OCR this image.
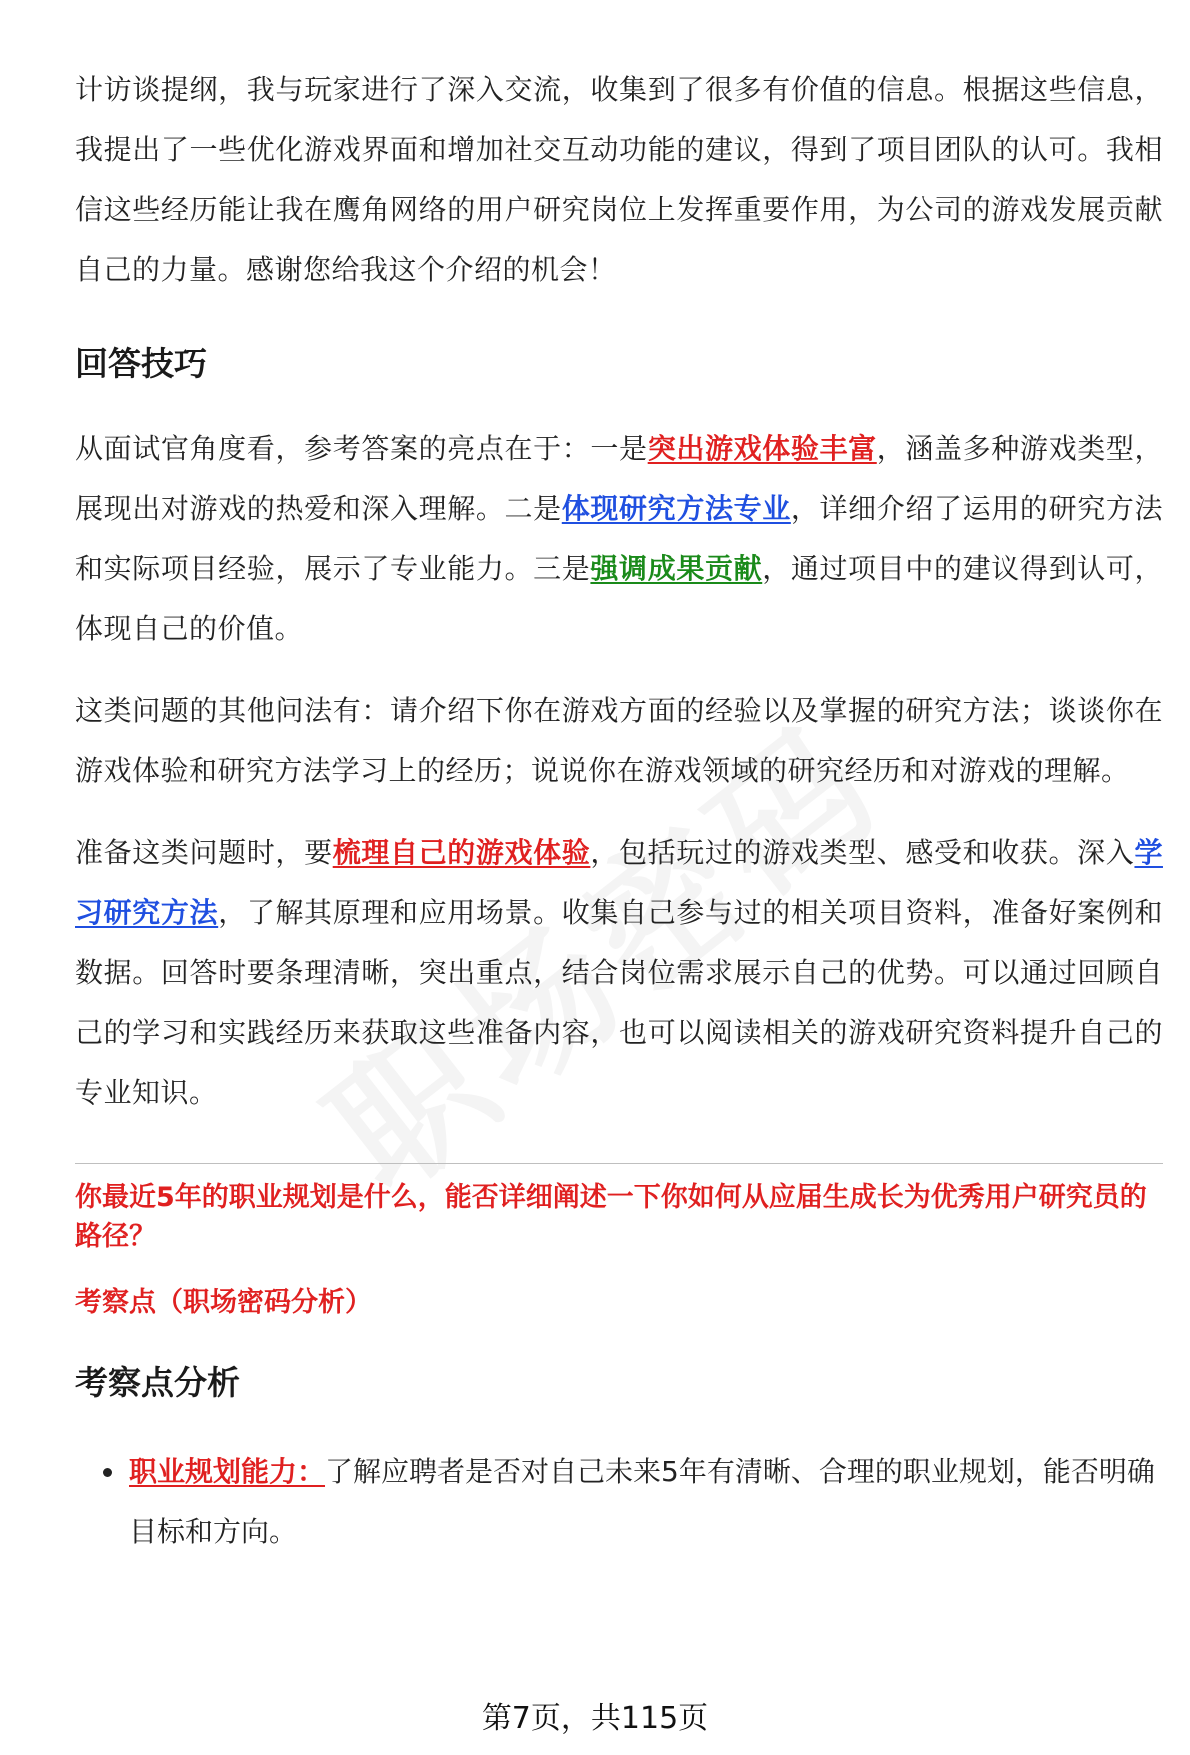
计访谈提纲，我与玩家进行了深入交流，收集到了很多有价值的信息。根据这些信息，我提出了一些优化游戏界面和增加社交互动功能的建议，得到了项目团队的认可。我相信这些经历能让我在鹰角网络的用户研究岗位上发挥重要作用，为公司的游戏发展贡献自己的力量。感谢您给我这个介绍的机会！

回答技巧

从面试官角度看，参考答案的亮点在于：一是突出游戏体验丰富，涵盖多种游戏类型，展现出对游戏的热爱和深入理解。二是体现研究方法专业，详细介绍了运用的研究方法和实际项目经验，展示了专业能力。三是强调成果贡献，通过项目中的建议得到认可，体现自己的价值。

这类问题的其他问法有：请介绍下你在游戏方面的经验以及掌握的研究方法；谈谈你在游戏体验和研究方法学习上的经历；说说你在游戏领域的研究经历和对游戏的理解。

准备这类问题时，要梳理自己的游戏体验，包括玩过的游戏类型、感受和收获。深入学习研究方法，了解其原理和应用场景。收集自己参与过的相关项目资料，准备好案例和数据。回答时要条理清晰，突出重点，结合岗位需求展示自己的优势。可以通过回顾自己的学习和实践经历来获取这些准备内容，也可以阅读相关的游戏研究资料提升自己的专业知识。

你最近5年的职业规划是什么，能否详细阐述一下你如何从应届生成长为优秀用户研究员的路径？

考察点（职场密码分析）

考察点分析
职业规划能力：了解应聘者是否对自己未来5年有清晰、合理的职业规划，能否明确目标和方向。
第7页，共115页
